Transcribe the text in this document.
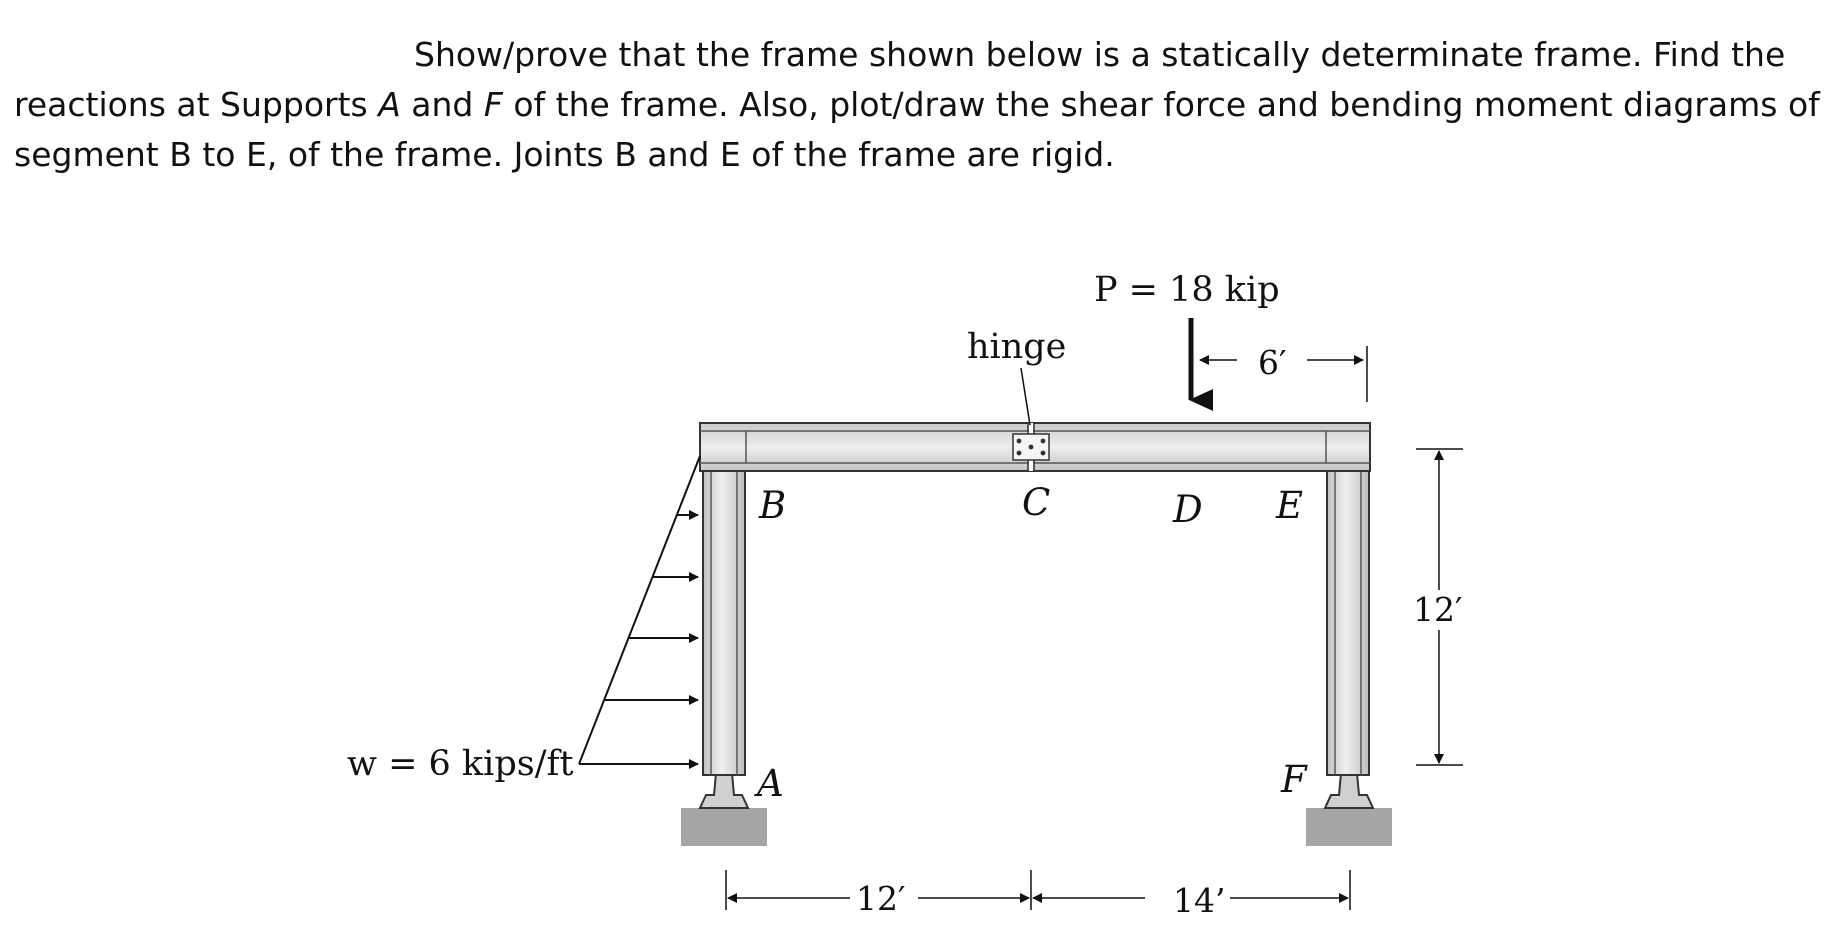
Show/prove that the frame shown below is a statically determinate frame. Find the

reactions at Supports A and F of the frame. Also, plot/draw the shear force and bending moment diagrams of

segment B to E, of the frame. Joints B and E of the frame are rigid.

P = 18 kip
hinge	6′
B	C	D E
12′
w = 6 kips/ft	A	F
12′	14’
